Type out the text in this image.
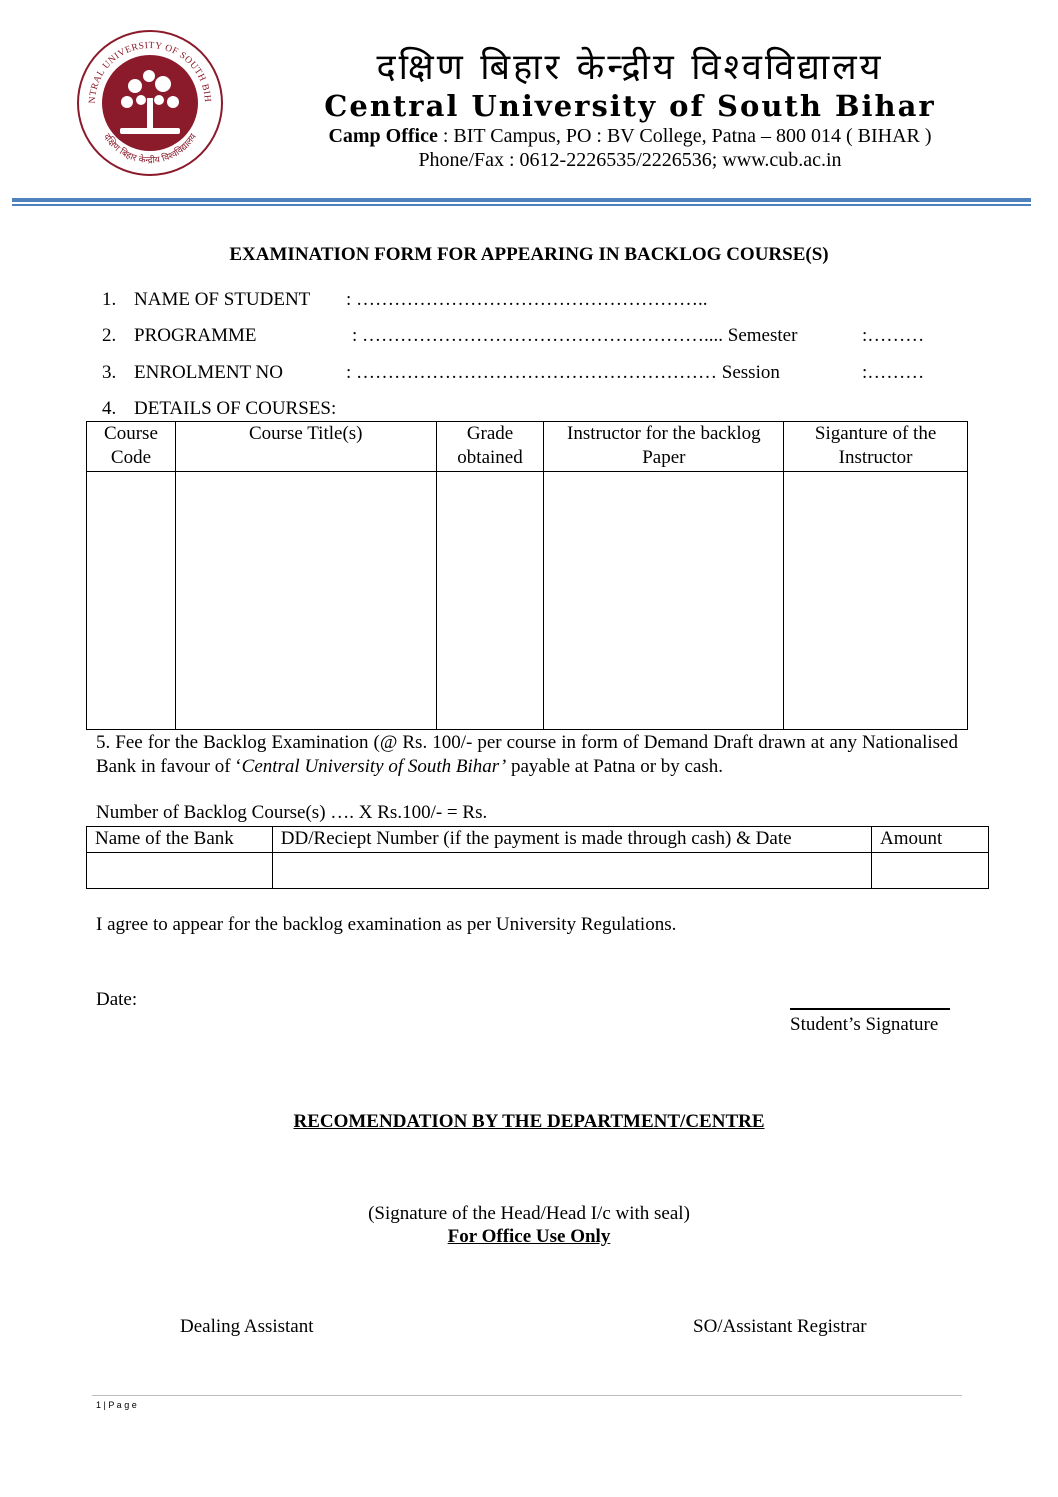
NTRAL UNIVERSITY OF SOUTH BIH
दक्षिण बिहार केन्द्रीय विश्वविद्यालय
दक्षिण बिहार केन्द्रीय विश्वविद्यालय
Central University of South Bihar
Camp Office : BIT Campus, PO : BV College, Patna – 800 014 ( BIHAR )
Phone/Fax : 0612-2226535/2226536; www.cub.ac.in
EXAMINATION FORM FOR APPEARING IN BACKLOG COURSE(S)
1. NAME OF STUDENT : ………………………………………………..
2. PROGRAMME	: ……………………………………………….... Semester	:………
3. ENROLMENT NO	: ………………………………………………… Session	:………
4. DETAILS OF COURSES:
Course Code	Course Title(s)	Grade obtained	Instructor for the backlog Paper	Siganture of the Instructor

5. Fee for the Backlog Examination (@ Rs. 100/- per course in form of Demand Draft drawn at any Nationalised Bank in favour of ‘Central University of South Bihar’ payable at Patna or by cash.
Number of Backlog Course(s) …. X Rs.100/- = Rs.
Name of the Bank	DD/Reciept Number (if the payment is made through cash) & Date	Amount

I agree to appear for the backlog examination as per University Regulations.
Date:
Student’s Signature
RECOMENDATION BY THE DEPARTMENT/CENTRE
(Signature of the Head/Head I/c with seal)
For Office Use Only
Dealing Assistant	SO/Assistant Registrar
1 | P a g e
